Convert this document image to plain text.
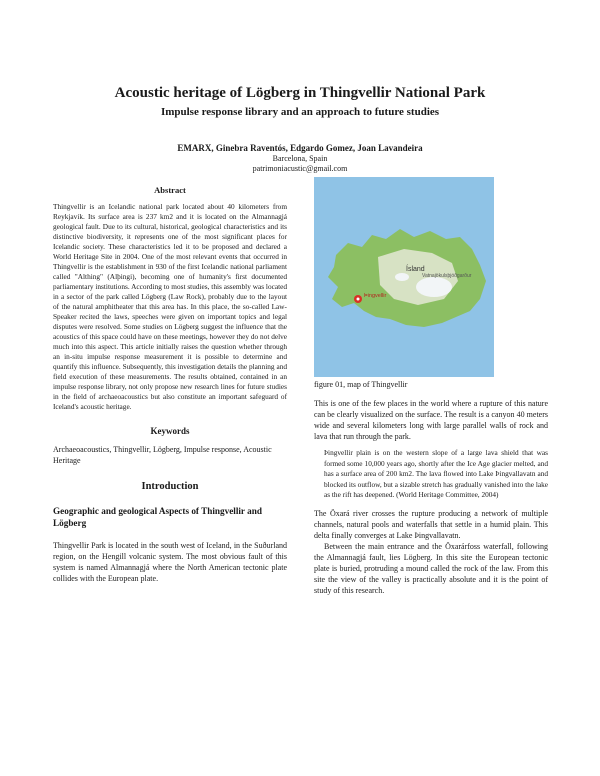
Acoustic heritage of Lögberg in Thingvellir National Park
Impulse response library and an approach to future studies
EMARX, Ginebra Raventós, Edgardo Gomez, Joan Lavandeira
Barcelona, Spain
patrimoniacustic@gmail.com
Abstract

Thingvellir is an Icelandic national park located about 40 kilometers from Reykjavik. Its surface area is 237 km2 and it is located on the Almannagjá geological fault. Due to its cultural, historical, geological characteristics and its distinctive biodiversity, it represents one of the most significant places for Icelandic society. These characteristics led it to be proposed and declared a World Heritage Site in 2004. One of the most relevant events that occurred in Thingvellir is the establishment in 930 of the first Icelandic national parliament called "Althing" (Alþingi), becoming one of humanity's first documented parliamentary institutions. According to most studies, this assembly was located in a sector of the park called Lögberg (Law Rock), probably due to the layout of the natural amphitheater that this area has. In this place, the so-called Law-Speaker recited the laws, speeches were given on important topics and legal disputes were resolved. Some studies on Lögberg suggest the influence that the acoustics of this space could have on these meetings, however they do not delve much into this aspect. This article initially raises the question whether through an in-situ impulse response measurement it is possible to determine and quantify this influence. Subsequently, this investigation details the planning and field execution of these measurements. The results obtained, contained in an impulse response library, not only propose new research lines for future studies in the field of archaeoacoustics but also constitute an important safeguard of Iceland's acoustic heritage.

Keywords

Archaeoacoustics, Thingvellir, Lögberg, Impulse response, Acoustic Heritage

Introduction
Geographic and geological Aspects of Thingvellir and Lögberg

Thingvellir Park is located in the south west of Iceland, in the Suðurland region, on the Hengill volcanic system. The most obvious fault of this system is named Almannagjá where the North American tectonic plate collides with the European plate.

Ísland
Þingvellir
Vatnajökulsþjóðgarður
figure 01, map of Thingvellir

This is one of the few places in the world where a rupture of this nature can be clearly visualized on the surface. The result is a canyon 40 meters wide and several kilometers long with large parallel walls of rock and lava that run through the park.

Þingvellir plain is on the western slope of a large lava shield that was formed some 10,000 years ago, shortly after the Ice Age glacier melted, and has a surface area of 200 km2. The lava flowed into Lake Þingvallavatn and blocked its outflow, but a sizable stretch has gradually vanished into the lake as the rift has deepened. (World Heritage Committee, 2004)

The Öxará river crosses the rupture producing a network of multiple channels, natural pools and waterfalls that settle in a humid plain. This delta finally converges at Lake Þingvallavatn.

Between the main entrance and the Öxarárfoss waterfall, following the Almannagjá fault, lies Lögberg. In this site the European tectonic plate is buried, protruding a mound called the rock of the law. From this site the view of the valley is practically absolute and it is the point of study of this research.
